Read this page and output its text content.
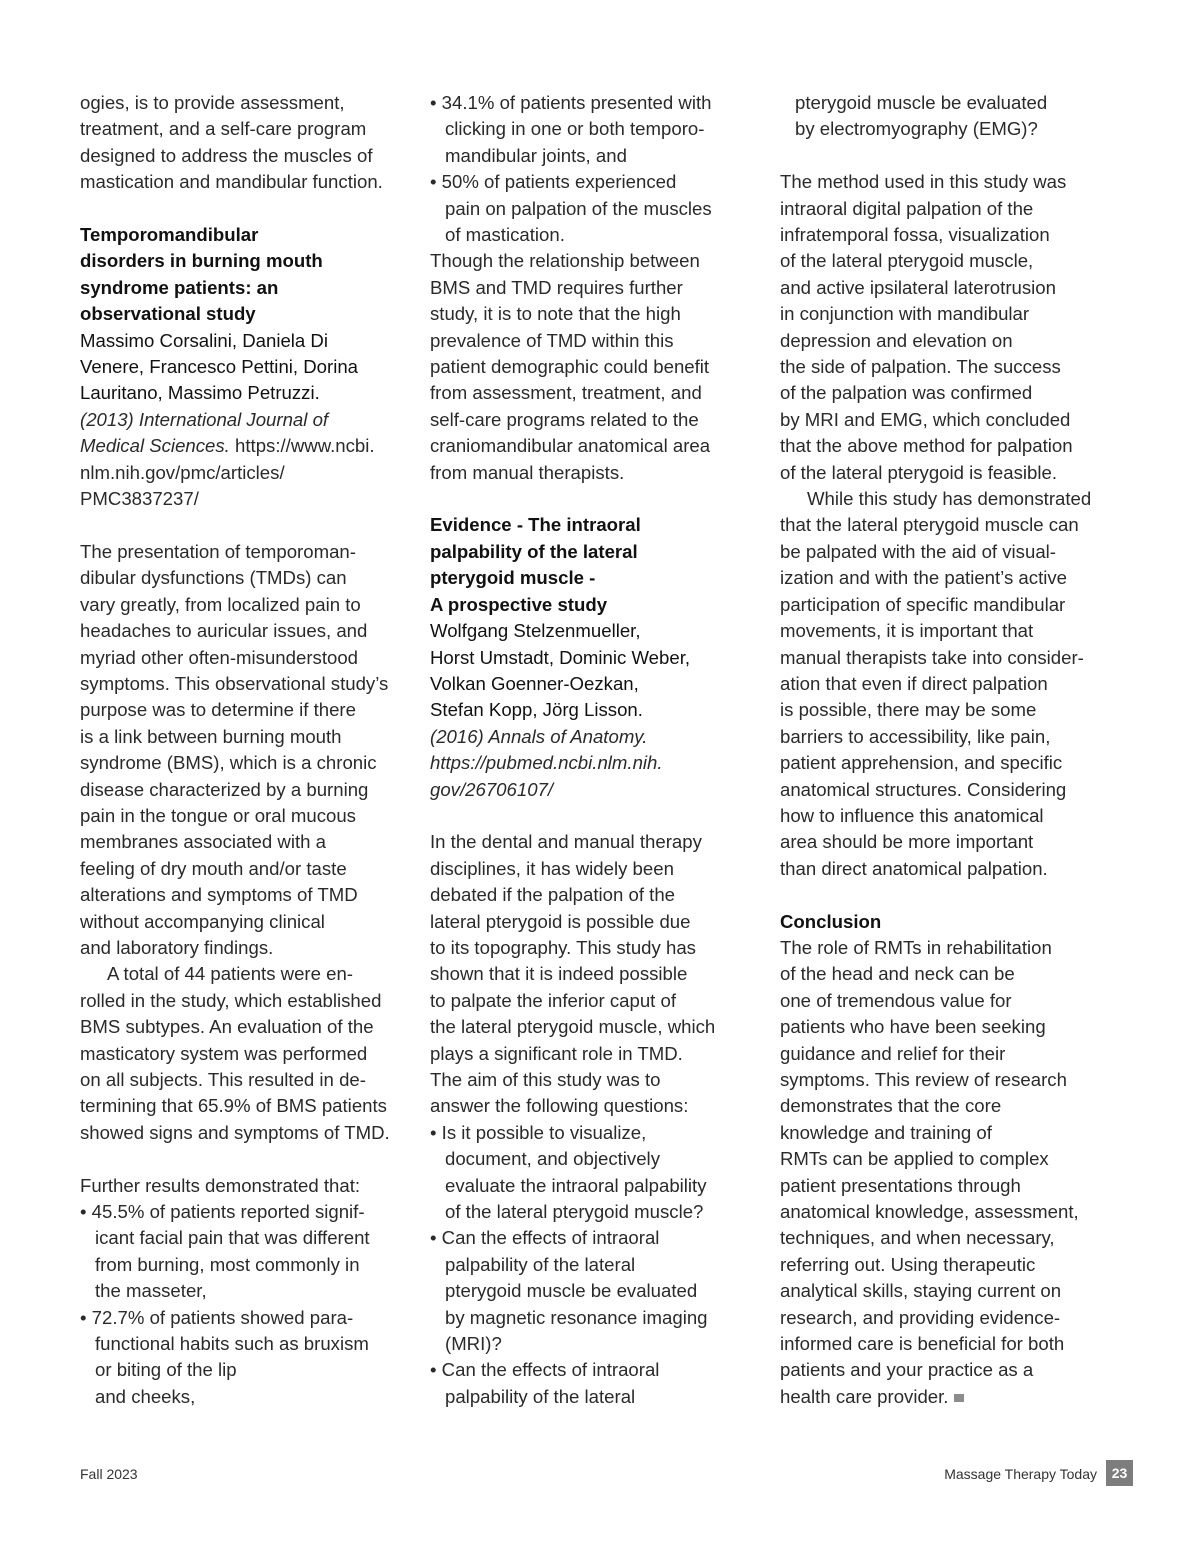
ogies, is to provide assessment,
treatment, and a self-care program
designed to address the muscles of
mastication and mandibular function.
Temporomandibular
disorders in burning mouth
syndrome patients: an
observational study
Massimo Corsalini, Daniela Di
Venere, Francesco Pettini, Dorina
Lauritano, Massimo Petruzzi.
(2013) International Journal of
Medical Sciences. https://www.ncbi.
nlm.nih.gov/pmc/articles/
PMC3837237/
The presentation of temporoman-
dibular dysfunctions (TMDs) can
vary greatly, from localized pain to
headaches to auricular issues, and
myriad other often-misunderstood
symptoms. This observational study’s
purpose was to determine if there
is a link between burning mouth
syndrome (BMS), which is a chronic
disease characterized by a burning
pain in the tongue or oral mucous
membranes associated with a
feeling of dry mouth and/or taste
alterations and symptoms of TMD
without accompanying clinical
and laboratory findings.
A total of 44 patients were en-
rolled in the study, which established
BMS subtypes. An evaluation of the
masticatory system was performed
on all subjects. This resulted in de-
termining that 65.9% of BMS patients
showed signs and symptoms of TMD.
Further results demonstrated that:
• 45.5% of patients reported signif-
icant facial pain that was different
from burning, most commonly in
the masseter,
• 72.7% of patients showed para-
functional habits such as bruxism
or biting of the lip
and cheeks,
• 34.1% of patients presented with
clicking in one or both temporo-
mandibular joints, and
• 50% of patients experienced
pain on palpation of the muscles
of mastication.
Though the relationship between
BMS and TMD requires further
study, it is to note that the high
prevalence of TMD within this
patient demographic could benefit
from assessment, treatment, and
self-care programs related to the
craniomandibular anatomical area
from manual therapists.
Evidence - The intraoral
palpability of the lateral
pterygoid muscle -
A prospective study
Wolfgang Stelzenmueller,
Horst Umstadt, Dominic Weber,
Volkan Goenner-Oezkan,
Stefan Kopp, Jörg Lisson.
(2016) Annals of Anatomy.
https://pubmed.ncbi.nlm.nih.
gov/26706107/
In the dental and manual therapy
disciplines, it has widely been
debated if the palpation of the
lateral pterygoid is possible due
to its topography. This study has
shown that it is indeed possible
to palpate the inferior caput of
the lateral pterygoid muscle, which
plays a significant role in TMD.
The aim of this study was to
answer the following questions:
• Is it possible to visualize,
document, and objectively
evaluate the intraoral palpability
of the lateral pterygoid muscle?
• Can the effects of intraoral
palpability of the lateral
pterygoid muscle be evaluated
by magnetic resonance imaging
(MRI)?
• Can the effects of intraoral
palpability of the lateral
pterygoid muscle be evaluated
by electromyography (EMG)?
The method used in this study was
intraoral digital palpation of the
infratemporal fossa, visualization
of the lateral pterygoid muscle,
and active ipsilateral laterotrusion
in conjunction with mandibular
depression and elevation on
the side of palpation. The success
of the palpation was confirmed
by MRI and EMG, which concluded
that the above method for palpation
of the lateral pterygoid is feasible.
While this study has demonstrated
that the lateral pterygoid muscle can
be palpated with the aid of visual-
ization and with the patient’s active
participation of specific mandibular
movements, it is important that
manual therapists take into consider-
ation that even if direct palpation
is possible, there may be some
barriers to accessibility, like pain,
patient apprehension, and specific
anatomical structures. Considering
how to influence this anatomical
area should be more important
than direct anatomical palpation.
Conclusion
The role of RMTs in rehabilitation
of the head and neck can be
one of tremendous value for
patients who have been seeking
guidance and relief for their
symptoms. This review of research
demonstrates that the core
knowledge and training of
RMTs can be applied to complex
patient presentations through
anatomical knowledge, assessment,
techniques, and when necessary,
referring out. Using therapeutic
analytical skills, staying current on
research, and providing evidence-
informed care is beneficial for both
patients and your practice as a
health care provider.
Fall 2023	Massage Therapy Today	23
